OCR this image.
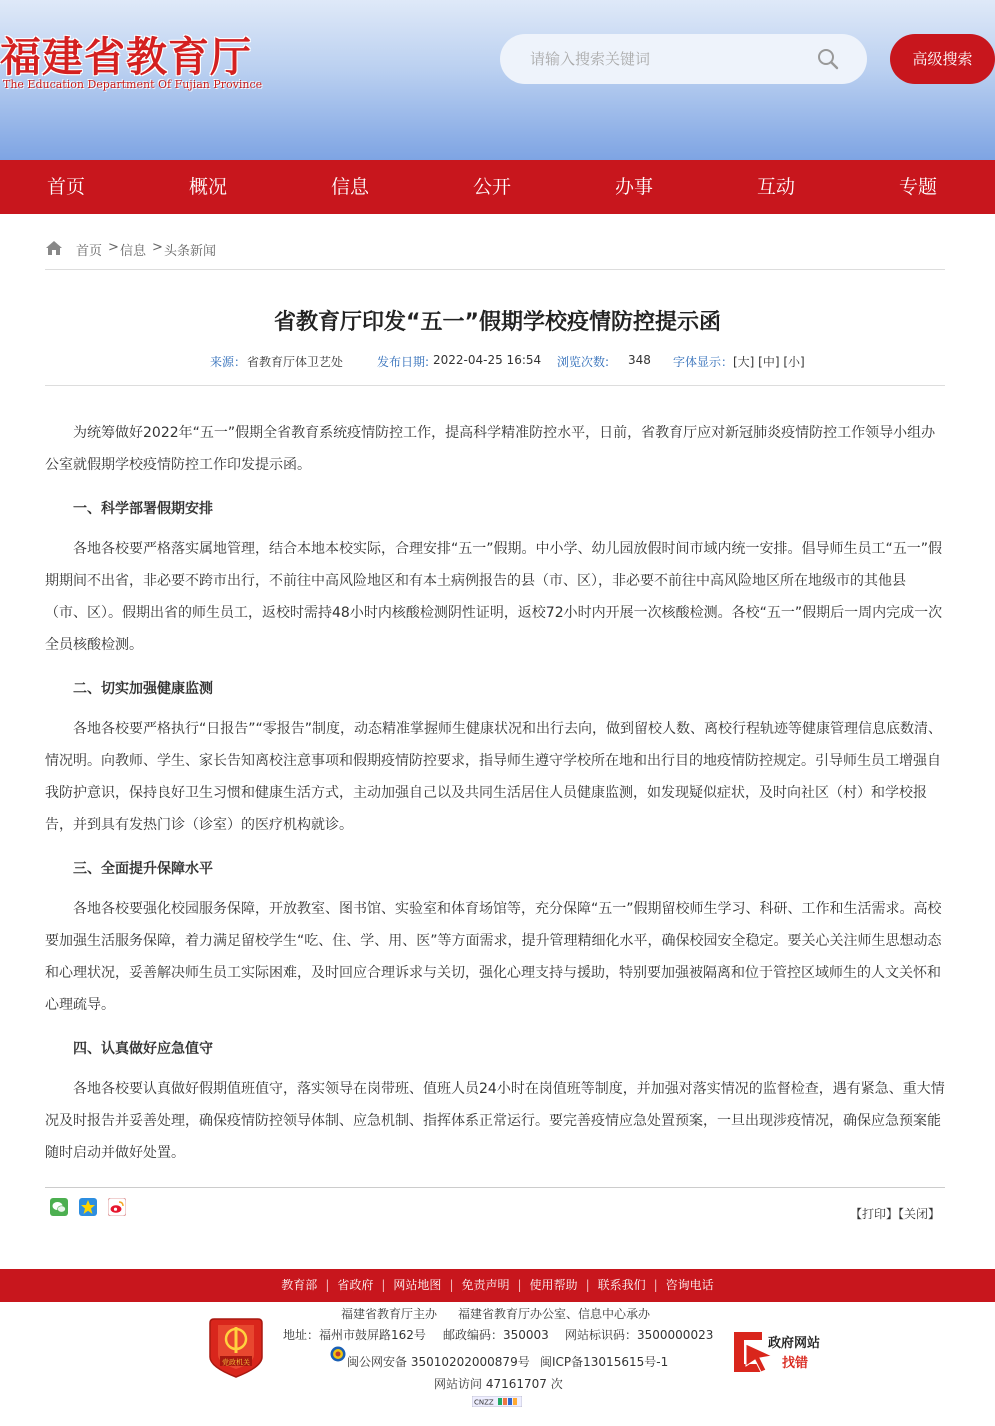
福建省教育厅
The Education Department Of Fujian Province
请输入搜索关键词
高级搜索
首页	概况	信息	公开	办事	互动	专题
首页 > 信息 > 头条新闻
省教育厅印发“五一”假期学校疫情防控提示函
来源： 省教育厅体卫艺处	发布日期: 2022-04-25 16:54 浏览次数: 348 字体显示： [大] [中] [小]

为统筹做好2022年“五一”假期全省教育系统疫情防控工作，提高科学精准防控水平，日前，省教育厅应对新冠肺炎疫情防控工作领导小组办公室就假期学校疫情防控工作印发提示函。

一、科学部署假期安排

各地各校要严格落实属地管理，结合本地本校实际，合理安排“五一”假期。中小学、幼儿园放假时间市域内统一安排。倡导师生员工“五一”假期期间不出省，非必要不跨市出行，不前往中高风险地区和有本土病例报告的县（市、区），非必要不前往中高风险地区所在地级市的其他县（市、区）。假期出省的师生员工，返校时需持48小时内核酸检测阴性证明，返校72小时内开展一次核酸检测。各校“五一”假期后一周内完成一次全员核酸检测。

二、切实加强健康监测

各地各校要严格执行“日报告”“零报告”制度，动态精准掌握师生健康状况和出行去向，做到留校人数、离校行程轨迹等健康管理信息底数清、情况明。向教师、学生、家长告知离校注意事项和假期疫情防控要求，指导师生遵守学校所在地和出行目的地疫情防控规定。引导师生员工增强自我防护意识，保持良好卫生习惯和健康生活方式，主动加强自己以及共同生活居住人员健康监测，如发现疑似症状，及时向社区（村）和学校报告，并到具有发热门诊（诊室）的医疗机构就诊。

三、全面提升保障水平

各地各校要强化校园服务保障，开放教室、图书馆、实验室和体育场馆等，充分保障“五一”假期留校师生学习、科研、工作和生活需求。高校要加强生活服务保障，着力满足留校学生“吃、住、学、用、医”等方面需求，提升管理精细化水平，确保校园安全稳定。要关心关注师生思想动态和心理状况，妥善解决师生员工实际困难，及时回应合理诉求与关切，强化心理支持与援助，特别要加强被隔离和位于管控区域师生的人文关怀和心理疏导。

四、认真做好应急值守

各地各校要认真做好假期值班值守，落实领导在岗带班、值班人员24小时在岗值班等制度，并加强对落实情况的监督检查，遇有紧急、重大情况及时报告并妥善处理，确保疫情防控领导体制、应急机制、指挥体系正常运行。要完善疫情应急处置预案，一旦出现涉疫情况，确保应急预案能随时启动并做好处置。

【打印】【关闭】
教育部 | 省政府 | 网站地图 | 免责声明 | 使用帮助 | 联系我们 | 咨询电话
党政机关
福建省教育厅主办 福建省教育厅办公室、信息中心承办
地址：福州市鼓屏路162号 邮政编码：350003 网站标识码：3500000023
闽公网安备 35010202000879号 闽ICP备13015615号-1
网站访问 47161707 次
CNZZ
政府网站
找错
